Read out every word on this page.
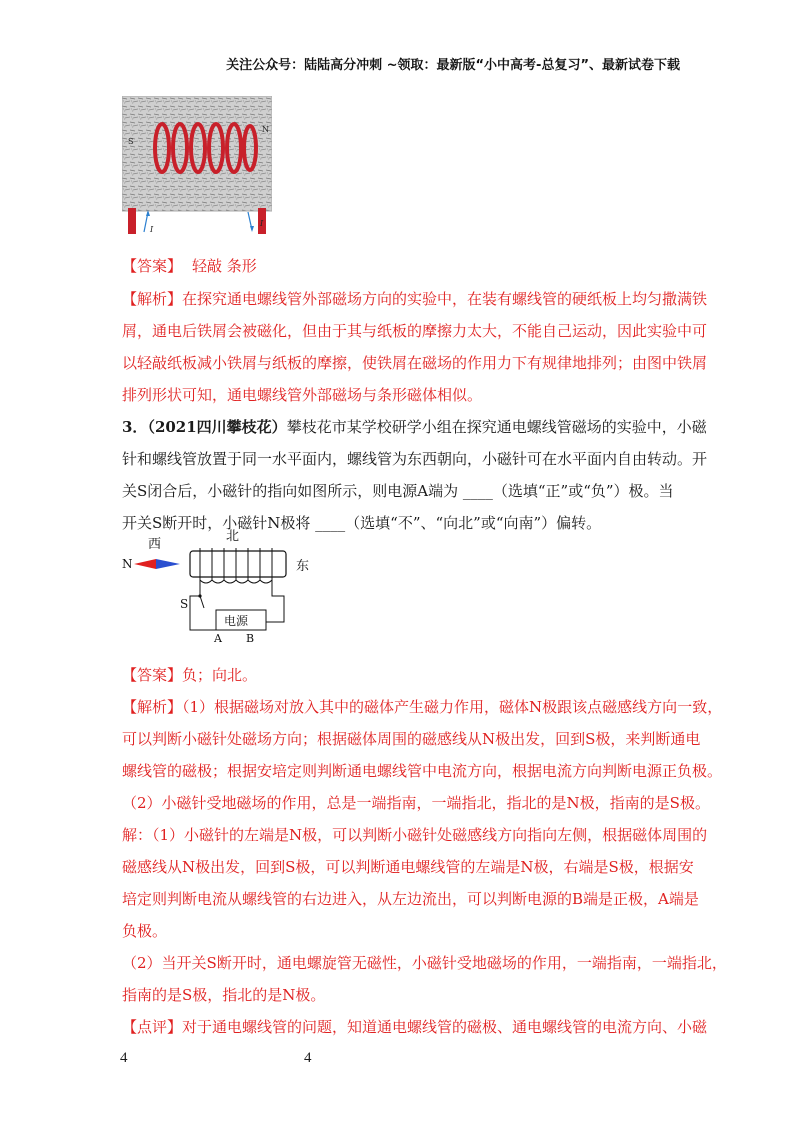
关注公众号：陆陆高分冲刺 ~领取：最新版“小中高考-总复习”、最新试卷下载
S
N
I
I
【答案】 轻敲 条形
【解析】在探究通电螺线管外部磁场方向的实验中，在装有螺线管的硬纸板上均匀撒满铁
屑，通电后铁屑会被磁化，但由于其与纸板的摩擦力太大，不能自己运动，因此实验中可
以轻敲纸板减小铁屑与纸板的摩擦，使铁屑在磁场的作用力下有规律地排列；由图中铁屑
排列形状可知，通电螺线管外部磁场与条形磁体相似。
3．（2021四川攀枝花）攀枝花市某学校研学小组在探究通电螺线管磁场的实验中，小磁
针和螺线管放置于同一水平面内，螺线管为东西朝向，小磁针可在水平面内自由转动。开
关S闭合后，小磁针的指向如图所示，则电源A端为 ____（选填“正”或“负”）极。当
开关S断开时，小磁针N极将 ____（选填“不”、“向北”或“向南”）偏转。
西
北
东
N
S
电源
A B
【答案】负；向北。
【解析】（1）根据磁场对放入其中的磁体产生磁力作用，磁体N极跟该点磁感线方向一致，
可以判断小磁针处磁场方向；根据磁体周围的磁感线从N极出发，回到S极，来判断通电
螺线管的磁极；根据安培定则判断通电螺线管中电流方向，根据电流方向判断电源正负极。
（2）小磁针受地磁场的作用，总是一端指南，一端指北，指北的是N极，指南的是S极。
解：（1）小磁针的左端是N极，可以判断小磁针处磁感线方向指向左侧，根据磁体周围的
磁感线从N极出发，回到S极，可以判断通电螺线管的左端是N极，右端是S极，根据安
培定则判断电流从螺线管的右边进入，从左边流出，可以判断电源的B端是正极，A端是
负极。
（2）当开关S断开时，通电螺旋管无磁性，小磁针受地磁场的作用，一端指南，一端指北，
指南的是S极，指北的是N极。
【点评】对于通电螺线管的问题，知道通电螺线管的磁极、通电螺线管的电流方向、小磁
4	4
